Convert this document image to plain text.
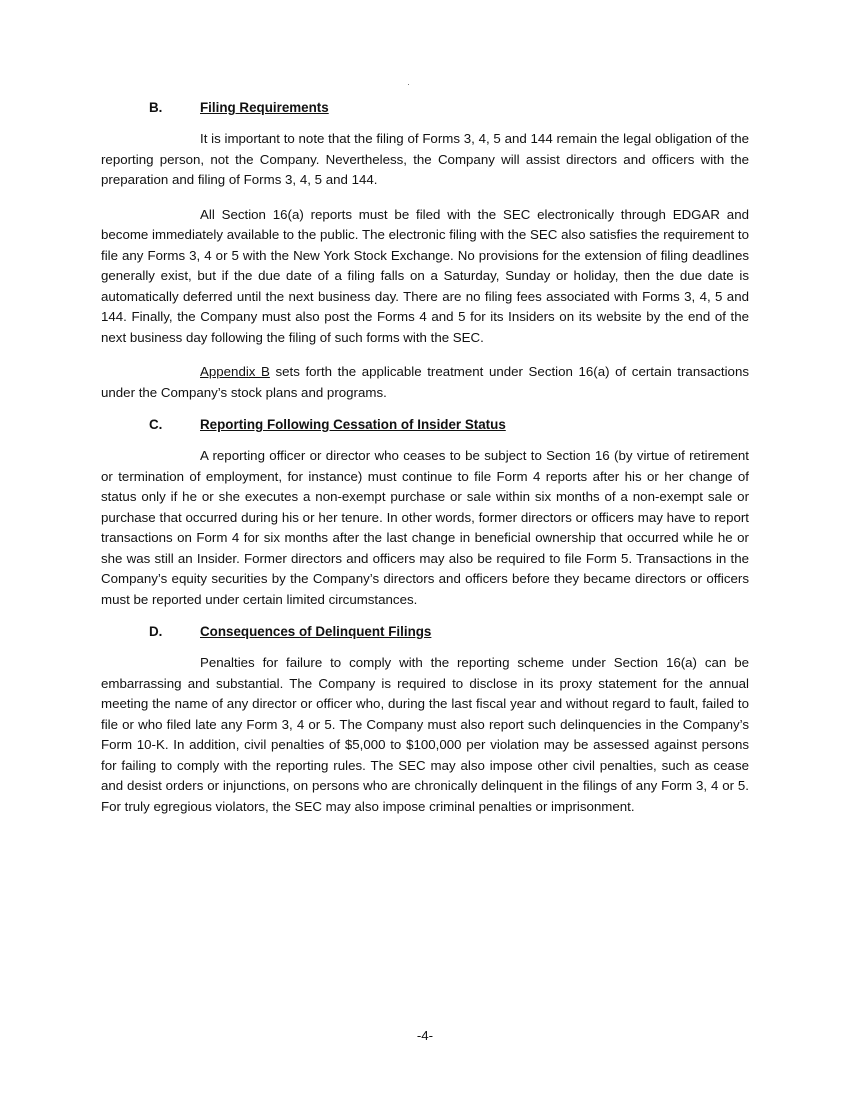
B.	Filing Requirements

It is important to note that the filing of Forms 3, 4, 5 and 144 remain the legal obligation of the reporting person, not the Company. Nevertheless, the Company will assist directors and officers with the preparation and filing of Forms 3, 4, 5 and 144.

All Section 16(a) reports must be filed with the SEC electronically through EDGAR and become immediately available to the public. The electronic filing with the SEC also satisfies the requirement to file any Forms 3, 4 or 5 with the New York Stock Exchange. No provisions for the extension of filing deadlines generally exist, but if the due date of a filing falls on a Saturday, Sunday or holiday, then the due date is automatically deferred until the next business day. There are no filing fees associated with Forms 3, 4, 5 and 144. Finally, the Company must also post the Forms 4 and 5 for its Insiders on its website by the end of the next business day following the filing of such forms with the SEC.

Appendix B sets forth the applicable treatment under Section 16(a) of certain transactions under the Company’s stock plans and programs.

C.	Reporting Following Cessation of Insider Status

A reporting officer or director who ceases to be subject to Section 16 (by virtue of retirement or termination of employment, for instance) must continue to file Form 4 reports after his or her change of status only if he or she executes a non-exempt purchase or sale within six months of a non-exempt sale or purchase that occurred during his or her tenure. In other words, former directors or officers may have to report transactions on Form 4 for six months after the last change in beneficial ownership that occurred while he or she was still an Insider. Former directors and officers may also be required to file Form 5. Transactions in the Company’s equity securities by the Company’s directors and officers before they became directors or officers must be reported under certain limited circumstances.

D.	Consequences of Delinquent Filings

Penalties for failure to comply with the reporting scheme under Section 16(a) can be embarrassing and substantial. The Company is required to disclose in its proxy statement for the annual meeting the name of any director or officer who, during the last fiscal year and without regard to fault, failed to file or who filed late any Form 3, 4 or 5. The Company must also report such delinquencies in the Company’s Form 10-K. In addition, civil penalties of $5,000 to $100,000 per violation may be assessed against persons for failing to comply with the reporting rules. The SEC may also impose other civil penalties, such as cease and desist orders or injunctions, on persons who are chronically delinquent in the filings of any Form 3, 4 or 5. For truly egregious violators, the SEC may also impose criminal penalties or imprisonment.

-4-
